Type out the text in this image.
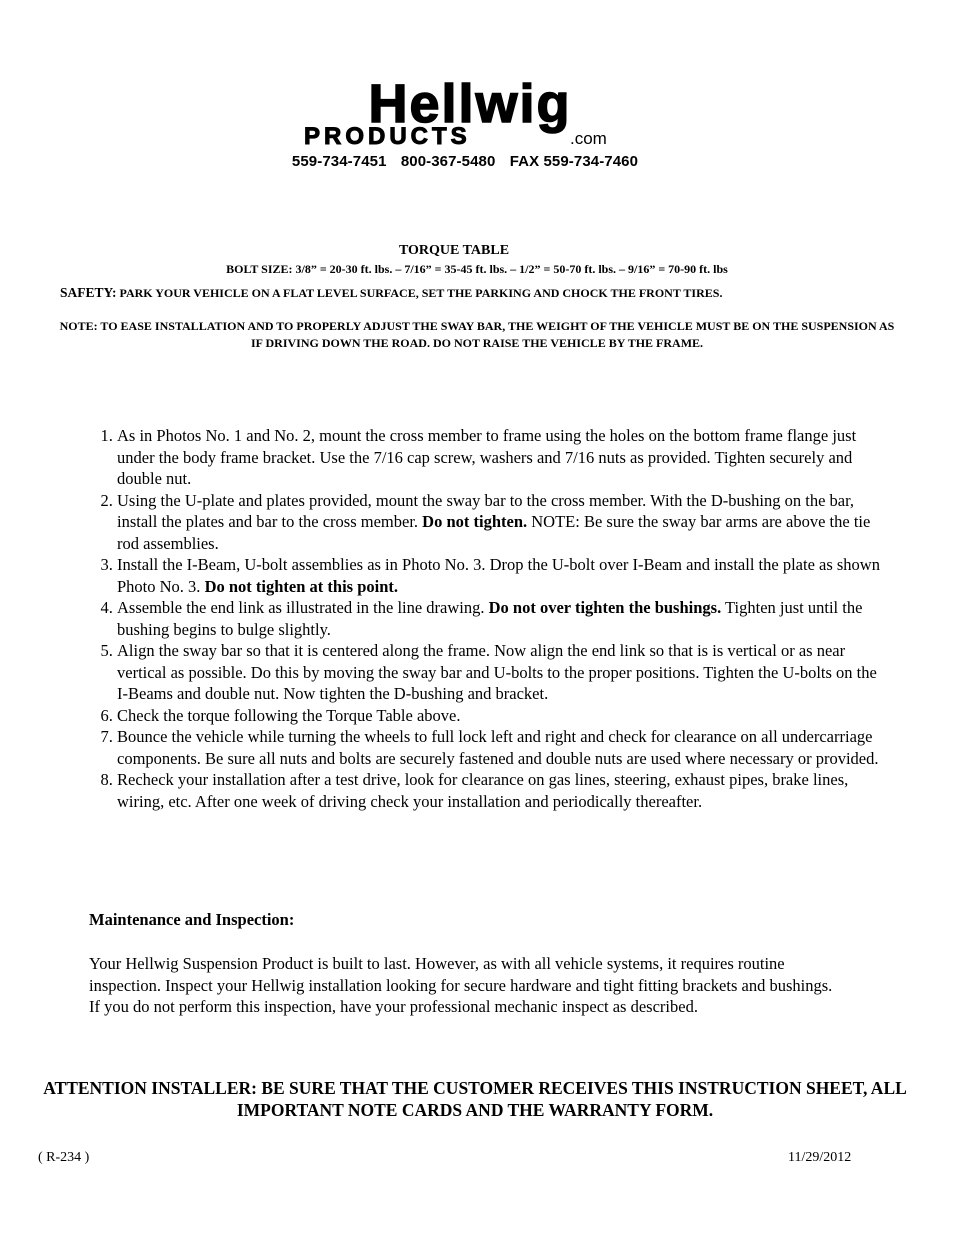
Hellwig
PRODUCTS	.com
559-734-7451 800-367-5480 FAX 559-734-7460
TORQUE TABLE
BOLT SIZE: 3/8” = 20-30 ft. lbs. – 7/16” = 35-45 ft. lbs. – 1/2” = 50-70 ft. lbs. – 9/16” = 70-90 ft. lbs
SAFETY: PARK YOUR VEHICLE ON A FLAT LEVEL SURFACE, SET THE PARKING AND CHOCK THE FRONT TIRES.
NOTE: TO EASE INSTALLATION AND TO PROPERLY ADJUST THE SWAY BAR, THE WEIGHT OF THE VEHICLE MUST BE ON THE SUSPENSION AS IF DRIVING DOWN THE ROAD. DO NOT RAISE THE VEHICLE BY THE FRAME.
1. As in Photos No. 1 and No. 2, mount the cross member to frame using the holes on the bottom frame flange just under the body frame bracket. Use the 7/16 cap screw, washers and 7/16 nuts as provided. Tighten securely and double nut.
2. Using the U-plate and plates provided, mount the sway bar to the cross member. With the D-bushing on the bar, install the plates and bar to the cross member. Do not tighten. NOTE: Be sure the sway bar arms are above the tie rod assemblies.
3. Install the I-Beam, U-bolt assemblies as in Photo No. 3. Drop the U-bolt over I-Beam and install the plate as shown Photo No. 3. Do not tighten at this point.
4. Assemble the end link as illustrated in the line drawing. Do not over tighten the bushings. Tighten just until the bushing begins to bulge slightly.
5. Align the sway bar so that it is centered along the frame. Now align the end link so that is is vertical or as near vertical as possible. Do this by moving the sway bar and U-bolts to the proper positions. Tighten the U-bolts on the I-Beams and double nut. Now tighten the D-bushing and bracket.
6. Check the torque following the Torque Table above.
7. Bounce the vehicle while turning the wheels to full lock left and right and check for clearance on all undercarriage components. Be sure all nuts and bolts are securely fastened and double nuts are used where necessary or provided.
8. Recheck your installation after a test drive, look for clearance on gas lines, steering, exhaust pipes, brake lines, wiring, etc. After one week of driving check your installation and periodically thereafter.
Maintenance and Inspection:
Your Hellwig Suspension Product is built to last. However, as with all vehicle systems, it requires routine inspection. Inspect your Hellwig installation looking for secure hardware and tight fitting brackets and bushings. If you do not perform this inspection, have your professional mechanic inspect as described.
ATTENTION INSTALLER: BE SURE THAT THE CUSTOMER RECEIVES THIS INSTRUCTION SHEET, ALL IMPORTANT NOTE CARDS AND THE WARRANTY FORM.
( R-234 )	11/29/2012
